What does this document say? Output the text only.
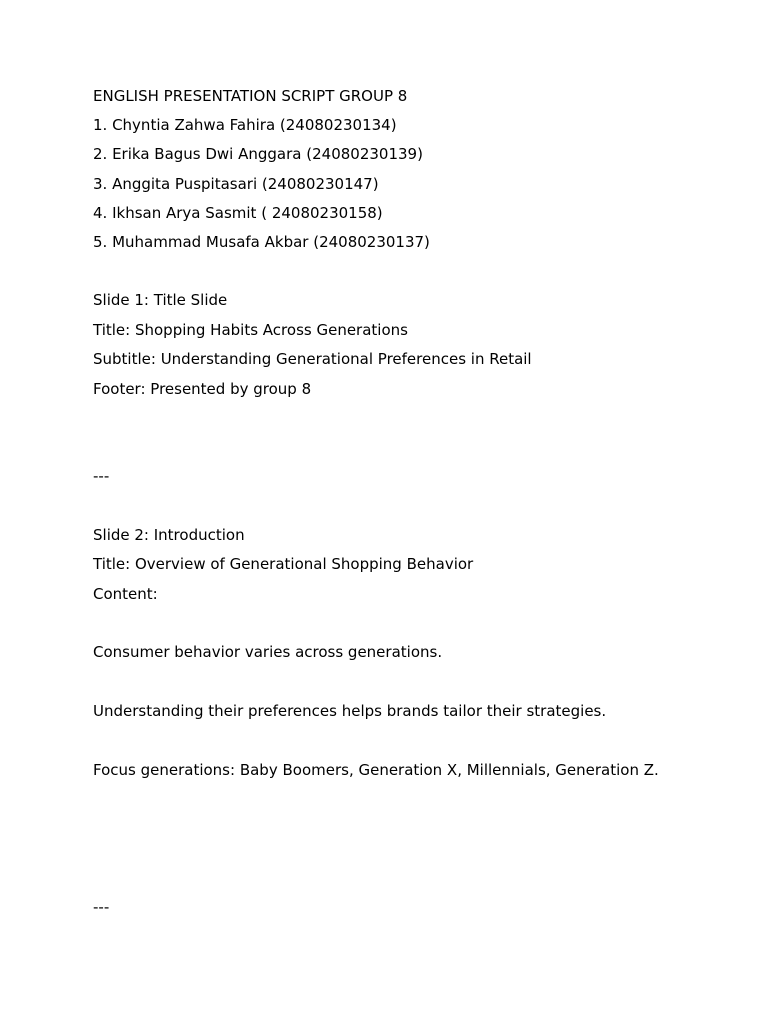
ENGLISH PRESENTATION SCRIPT GROUP 8
1. Chyntia Zahwa Fahira (24080230134)
2. Erika Bagus Dwi Anggara (24080230139)
3. Anggita Puspitasari (24080230147)
4. Ikhsan Arya Sasmit ( 24080230158)
5. Muhammad Musafa Akbar (24080230137)
Slide 1: Title Slide
Title: Shopping Habits Across Generations
Subtitle: Understanding Generational Preferences in Retail
Footer: Presented by group 8
---
Slide 2: Introduction
Title: Overview of Generational Shopping Behavior
Content:
Consumer behavior varies across generations.
Understanding their preferences helps brands tailor their strategies.
Focus generations: Baby Boomers, Generation X, Millennials, Generation Z.
---
